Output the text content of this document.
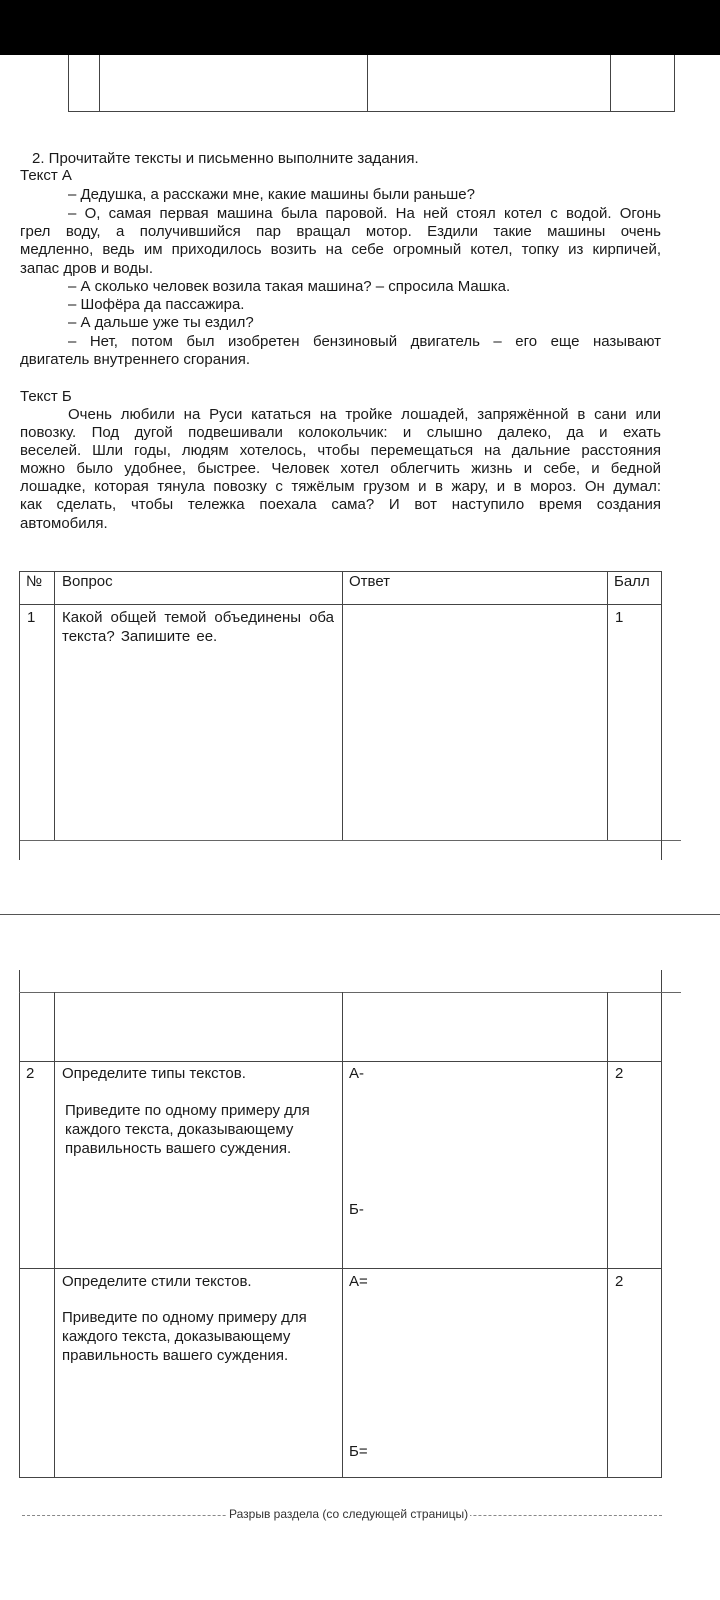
2. Прочитайте тексты и письменно выполните задания.
Текст А
– Дедушка, а расскажи мне, какие машины были раньше?
– О, самая первая машина была паровой. На ней стоял котел с водой. Огонь
грел воду, а получившийся пар вращал мотор. Ездили такие машины очень
медленно, ведь им приходилось возить на себе огромный котел, топку из кирпичей,
запас дров и воды.
– А сколько человек возила такая машина? – спросила Машка.
– Шофёра да пассажира.
– А дальше уже ты ездил?
– Нет, потом был изобретен бензиновый двигатель – его еще называют
двигатель внутреннего сгорания.
Текст Б
Очень любили на Руси кататься на тройке лошадей, запряжённой в сани или
повозку. Под дугой подвешивали колокольчик: и слышно далеко, да и ехать
веселей. Шли годы, людям хотелось, чтобы перемещаться на дальние расстояния
можно было удобнее, быстрее. Человек хотел облегчить жизнь и себе, и бедной
лошадке, которая тянула повозку с тяжёлым грузом и в жару, и в мороз. Он думал:
как сделать, чтобы тележка поехала сама? И вот наступило время создания
автомобиля.
№ Вопрос	Ответ	Балл
1 Какой общей темой объединены оба текста? Запишите ее.
1
2 Определите типы текстов.
Приведите по одному примеру для каждого текста, доказывающему правильность вашего суждения.
А-
Б-
2
Определите стили текстов.
Приведите по одному примеру для каждого текста, доказывающему правильность вашего суждения.
А=
Б=
2
Разрыв раздела (со следующей страницы)
